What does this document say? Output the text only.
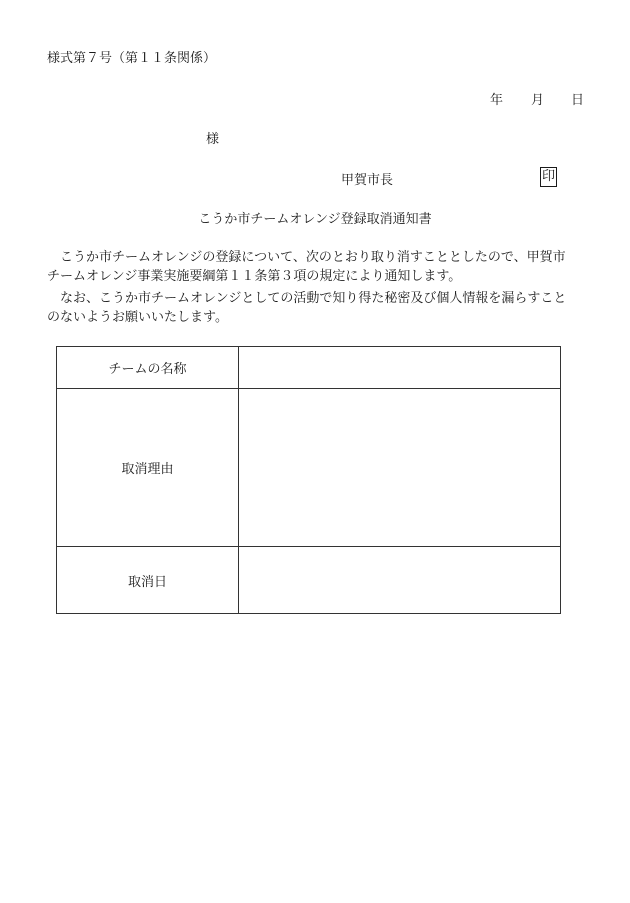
様式第７号（第１１条関係）
年 月 日
様
甲賀市長	印
こうか市チームオレンジ登録取消通知書

　こうか市チームオレンジの登録について、次のとおり取り消すこととしたので、甲賀市
チームオレンジ事業実施要綱第１１条第３項の規定により通知します。

　なお、こうか市チームオレンジとしての活動で知り得た秘密及び個人情報を漏らすこと
のないようお願いいたします。

チームの名称	
取消理由	
取消日	
